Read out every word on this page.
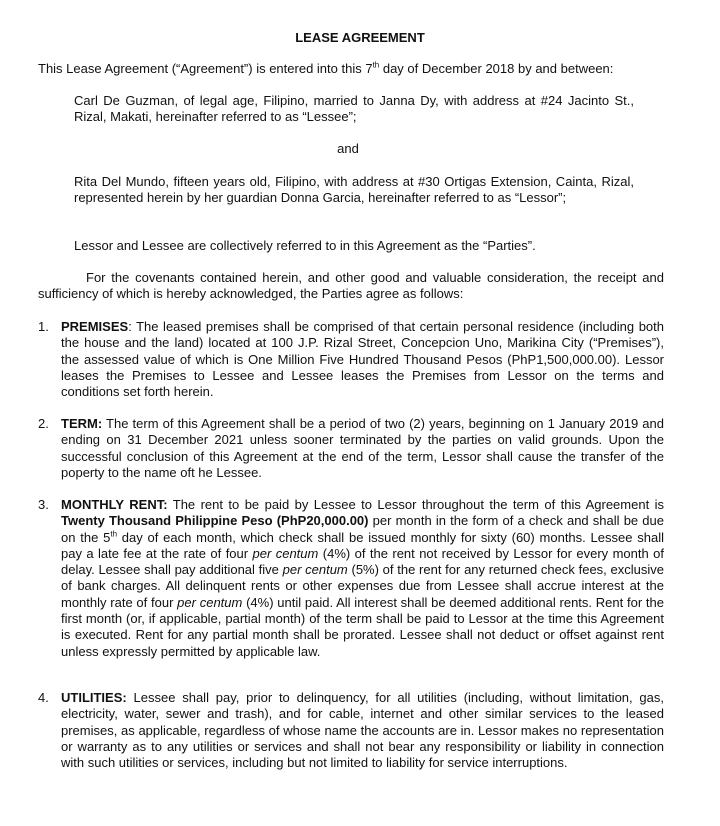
LEASE AGREEMENT
This Lease Agreement (“Agreement”) is entered into this 7th day of December 2018 by and between:
Carl De Guzman, of legal age, Filipino, married to Janna Dy, with address at #24 Jacinto St., Rizal, Makati, hereinafter referred to as “Lessee”;
and
Rita Del Mundo, fifteen years old, Filipino, with address at #30 Ortigas Extension, Cainta, Rizal, represented herein by her guardian Donna Garcia, hereinafter referred to as “Lessor”;
Lessor and Lessee are collectively referred to in this Agreement as the “Parties”.
For the covenants contained herein, and other good and valuable consideration, the receipt and sufficiency of which is hereby acknowledged, the Parties agree as follows:
1. PREMISES: The leased premises shall be comprised of that certain personal residence (including both the house and the land) located at 100 J.P. Rizal Street, Concepcion Uno, Marikina City (“Premises”), the assessed value of which is One Million Five Hundred Thousand Pesos (PhP1,500,000.00). Lessor leases the Premises to Lessee and Lessee leases the Premises from Lessor on the terms and conditions set forth herein.
2. TERM: The term of this Agreement shall be a period of two (2) years, beginning on 1 January 2019 and ending on 31 December 2021 unless sooner terminated by the parties on valid grounds. Upon the successful conclusion of this Agreement at the end of the term, Lessor shall cause the transfer of the poperty to the name oft he Lessee.
3. MONTHLY RENT: The rent to be paid by Lessee to Lessor throughout the term of this Agreement is Twenty Thousand Philippine Peso (PhP20,000.00) per month in the form of a check and shall be due on the 5th day of each month, which check shall be issued monthly for sixty (60) months. Lessee shall pay a late fee at the rate of four per centum (4%) of the rent not received by Lessor for every month of delay. Lessee shall pay additional five per centum (5%) of the rent for any returned check fees, exclusive of bank charges. All delinquent rents or other expenses due from Lessee shall accrue interest at the monthly rate of four per centum (4%) until paid. All interest shall be deemed additional rents. Rent for the first month (or, if applicable, partial month) of the term shall be paid to Lessor at the time this Agreement is executed. Rent for any partial month shall be prorated. Lessee shall not deduct or offset against rent unless expressly permitted by applicable law.
4. UTILITIES: Lessee shall pay, prior to delinquency, for all utilities (including, without limitation, gas, electricity, water, sewer and trash), and for cable, internet and other similar services to the leased premises, as applicable, regardless of whose name the accounts are in. Lessor makes no representation or warranty as to any utilities or services and shall not bear any responsibility or liability in connection with such utilities or services, including but not limited to liability for service interruptions.
